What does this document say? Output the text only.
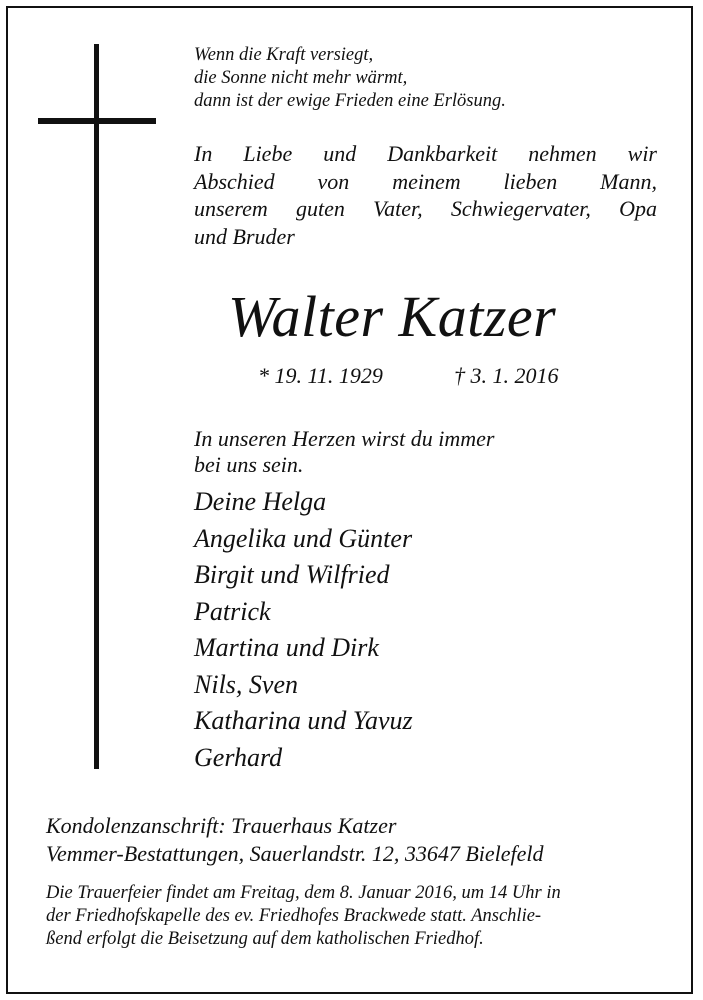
Wenn die Kraft versiegt,
die Sonne nicht mehr wärmt,
dann ist der ewige Frieden eine Erlösung.
In Liebe und Dankbarkeit nehmen wir
Abschied von meinem lieben Mann,
unserem guten Vater, Schwiegervater, Opa
und Bruder
Walter Katzer
* 19. 11. 1929	† 3. 1. 2016
In unseren Herzen wirst du immer
bei uns sein.
Deine Helga
Angelika und Günter
Birgit und Wilfried
Patrick
Martina und Dirk
Nils, Sven
Katharina und Yavuz
Gerhard
Kondolenzanschrift: Trauerhaus Katzer
Vemmer-Bestattungen, Sauerlandstr. 12, 33647 Bielefeld
Die Trauerfeier findet am Freitag, dem 8. Januar 2016, um 14 Uhr in
der Friedhofskapelle des ev. Friedhofes Brackwede statt. Anschlie-
ßend erfolgt die Beisetzung auf dem katholischen Friedhof.
